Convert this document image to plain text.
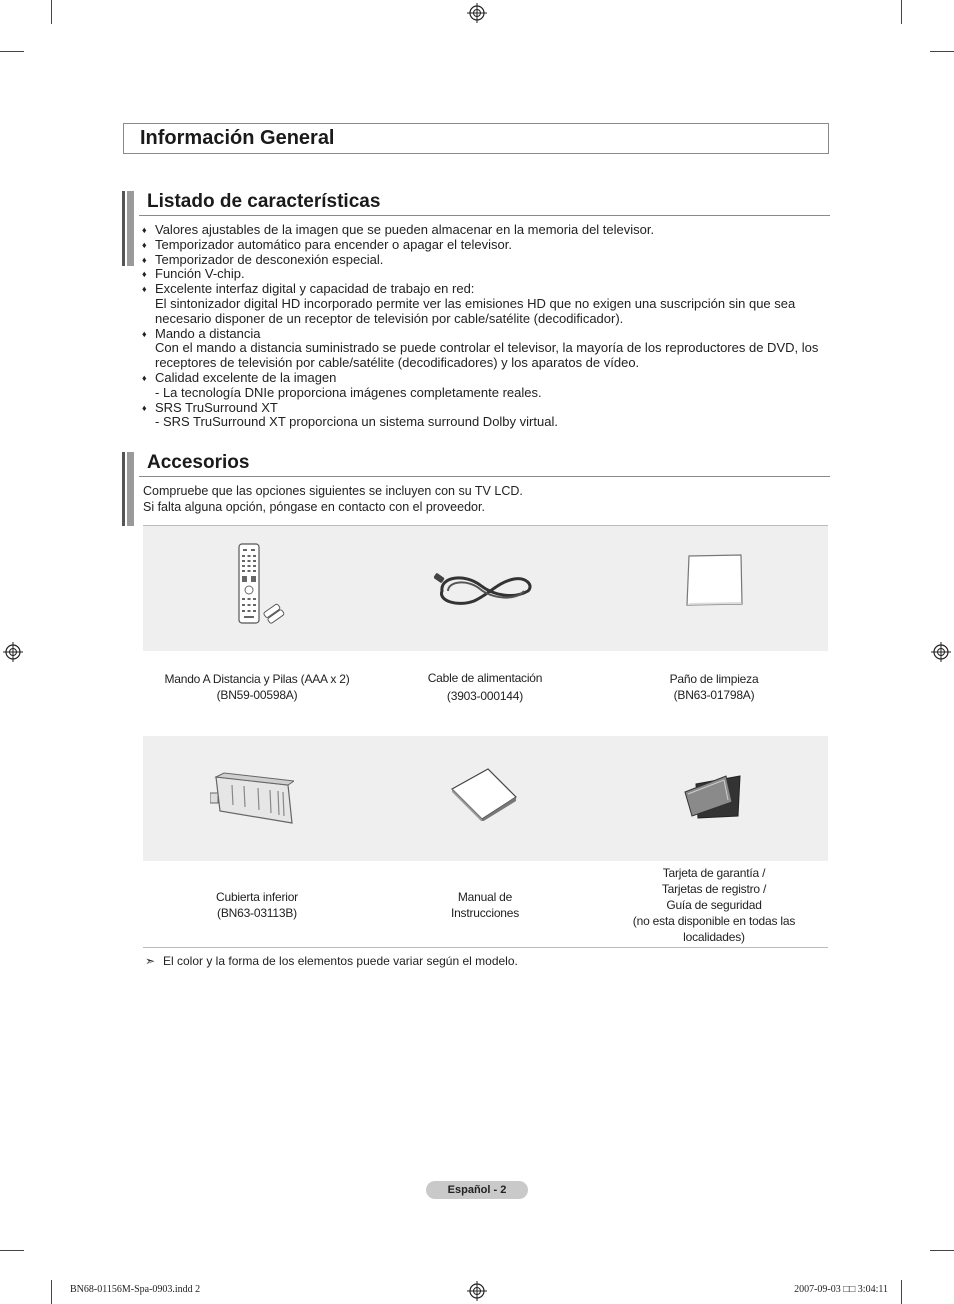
Información General
Listado de características
♦ Valores ajustables de la imagen que se pueden almacenar en la memoria del televisor.
♦ Temporizador automático para encender o apagar el televisor.
♦ Temporizador de desconexión especial.
♦ Función V-chip.
♦ Excelente interfaz digital y capacidad de trabajo en red:
El sintonizador digital HD incorporado permite ver las emisiones HD que no exigen una suscripción sin que sea
necesario disponer de un receptor de televisión por cable/satélite (decodificador).
♦ Mando a distancia
Con el mando a distancia suministrado se puede controlar el televisor, la mayoría de los reproductores de DVD, los
receptores de televisión por cable/satélite (decodificadores) y los aparatos de vídeo.
♦ Calidad excelente de la imagen
- La tecnología DNIe proporciona imágenes completamente reales.
♦ SRS TruSurround XT
- SRS TruSurround XT proporciona un sistema surround Dolby virtual.
Accesorios
Compruebe que las opciones siguientes se incluyen con su TV LCD.
Si falta alguna opción, póngase en contacto con el proveedor.
Mando A Distancia y Pilas (AAA x 2)
(BN59-00598A)
Cable de alimentación
(3903-000144)
Paño de limpieza
(BN63-01798A)
Cubierta inferior
(BN63-03113B)
Manual de
Instrucciones
Tarjeta de garantía /
Tarjetas de registro /
Guía de seguridad
(no esta disponible en todas las
localidades)
➣ El color y la forma de los elementos puede variar según el modelo.
Español - 2
BN68-01156M-Spa-0903.indd 2	2007-09-03 □□ 3:04:11
